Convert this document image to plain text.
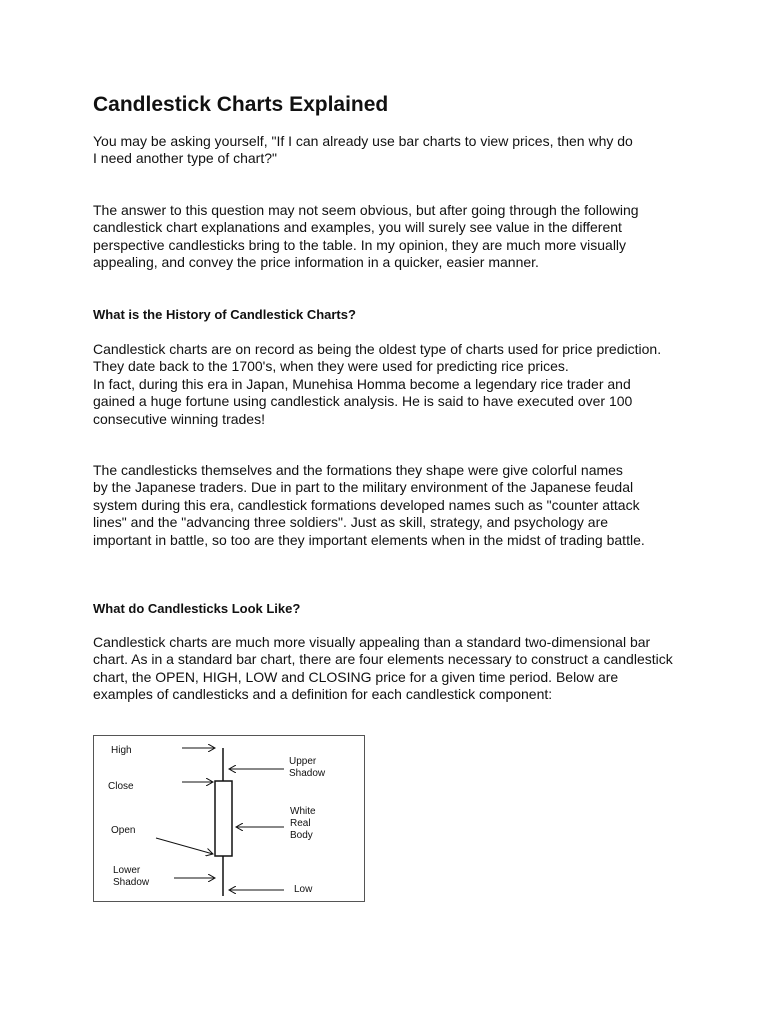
Candlestick Charts Explained

You may be asking yourself, "If I can already use bar charts to view prices, then why do
I need another type of chart?"

The answer to this question may not seem obvious, but after going through the following candlestick chart explanations and examples, you will surely see value in the different perspective candlesticks bring to the table. In my opinion, they are much more visually appealing, and convey the price information in a quicker, easier manner.

What is the History of Candlestick Charts?

Candlestick charts are on record as being the oldest type of charts used for price prediction. They date back to the 1700's, when they were used for predicting rice prices.
In fact, during this era in Japan, Munehisa Homma become a legendary rice trader and gained a huge fortune using candlestick analysis. He is said to have executed over 100 consecutive winning trades!

The candlesticks themselves and the formations they shape were give colorful names
by the Japanese traders. Due in part to the military environment of the Japanese feudal system during this era, candlestick formations developed names such as "counter attack lines" and the "advancing three soldiers". Just as skill, strategy, and psychology are important in battle, so too are they important elements when in the midst of trading battle.

What do Candlesticks Look Like?

Candlestick charts are much more visually appealing than a standard two-dimensional bar chart. As in a standard bar chart, there are four elements necessary to construct a candlestick chart, the OPEN, HIGH, LOW and CLOSING price for a given time period. Below are examples of candlesticks and a definition for each candlestick component:

High
Close
Open
Lower
Shadow
Upper
Shadow
White
Real
Body
Low
